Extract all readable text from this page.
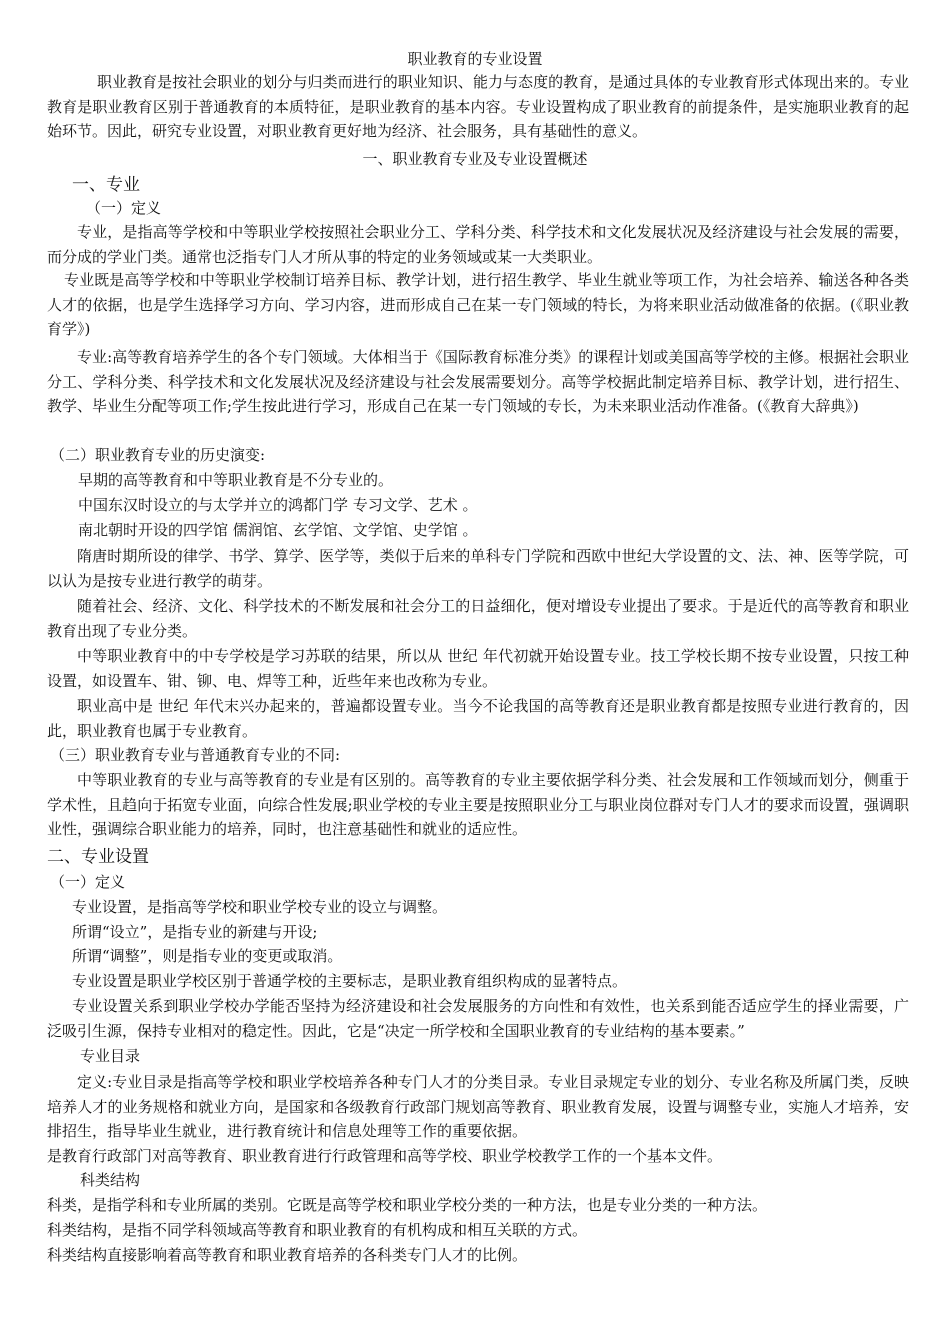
职业教育的专业设置
职业教育是按社会职业的划分与归类而进行的职业知识、能力与态度的教育，是通过具体的专业教育形式体现出来的。专业教育是职业教育区别于普通教育的本质特征，是职业教育的基本内容。专业设置构成了职业教育的前提条件，是实施职业教育的起始环节。因此，研究专业设置，对职业教育更好地为经济、社会服务，具有基础性的意义。
一、职业教育专业及专业设置概述
一、专业
（一）定义
专业，是指高等学校和中等职业学校按照社会职业分工、学科分类、科学技术和文化发展状况及经济建设与社会发展的需要，而分成的学业门类。通常也泛指专门人才所从事的特定的业务领域或某一大类职业。
专业既是高等学校和中等职业学校制订培养目标、教学计划，进行招生教学、毕业生就业等项工作，为社会培养、输送各种各类人才的依据，也是学生选择学习方向、学习内容，进而形成自己在某一专门领域的特长，为将来职业活动做准备的依据。(《职业教育学》)
专业:高等教育培养学生的各个专门领域。大体相当于《国际教育标准分类》的课程计划或美国高等学校的主修。根据社会职业分工、学科分类、科学技术和文化发展状况及经济建设与社会发展需要划分。高等学校据此制定培养目标、教学计划，进行招生、教学、毕业生分配等项工作;学生按此进行学习，形成自己在某一专门领域的专长，为未来职业活动作准备。(《教育大辞典》)
（二）职业教育专业的历史演变:
早期的高等教育和中等职业教育是不分专业的。
中国东汉时设立的与太学并立的鸿都门学 专习文学、艺术 。
南北朝时开设的四学馆 儒润馆、玄学馆、文学馆、史学馆 。
隋唐时期所设的律学、书学、算学、医学等，类似于后来的单科专门学院和西欧中世纪大学设置的文、法、神、医等学院，可以认为是按专业进行教学的萌芽。
随着社会、经济、文化、科学技术的不断发展和社会分工的日益细化，便对增设专业提出了要求。于是近代的高等教育和职业教育出现了专业分类。
中等职业教育中的中专学校是学习苏联的结果，所以从 世纪 年代初就开始设置专业。技工学校长期不按专业设置，只按工种设置，如设置车、钳、铆、电、焊等工种，近些年来也改称为专业。
职业高中是 世纪 年代末兴办起来的，普遍都设置专业。当今不论我国的高等教育还是职业教育都是按照专业进行教育的，因此，职业教育也属于专业教育。
（三）职业教育专业与普通教育专业的不同:
中等职业教育的专业与高等教育的专业是有区别的。高等教育的专业主要依据学科分类、社会发展和工作领域而划分，侧重于学术性，且趋向于拓宽专业面，向综合性发展;职业学校的专业主要是按照职业分工与职业岗位群对专门人才的要求而设置，强调职业性，强调综合职业能力的培养，同时，也注意基础性和就业的适应性。
二、专业设置
（一）定义
专业设置，是指高等学校和职业学校专业的设立与调整。
所谓“设立”，是指专业的新建与开设;
所谓“调整”，则是指专业的变更或取消。
专业设置是职业学校区别于普通学校的主要标志，是职业教育组织构成的显著特点。
专业设置关系到职业学校办学能否坚持为经济建设和社会发展服务的方向性和有效性，也关系到能否适应学生的择业需要，广泛吸引生源，保持专业相对的稳定性。因此，它是“决定一所学校和全国职业教育的专业结构的基本要素。”
专业目录
定义:专业目录是指高等学校和职业学校培养各种专门人才的分类目录。专业目录规定专业的划分、专业名称及所属门类，反映培养人才的业务规格和就业方向，是国家和各级教育行政部门规划高等教育、职业教育发展，设置与调整专业，实施人才培养，安排招生，指导毕业生就业，进行教育统计和信息处理等工作的重要依据。
是教育行政部门对高等教育、职业教育进行行政管理和高等学校、职业学校教学工作的一个基本文件。
科类结构
科类，是指学科和专业所属的类别。它既是高等学校和职业学校分类的一种方法，也是专业分类的一种方法。
科类结构，是指不同学科领域高等教育和职业教育的有机构成和相互关联的方式。
科类结构直接影响着高等教育和职业教育培养的各科类专门人才的比例。
